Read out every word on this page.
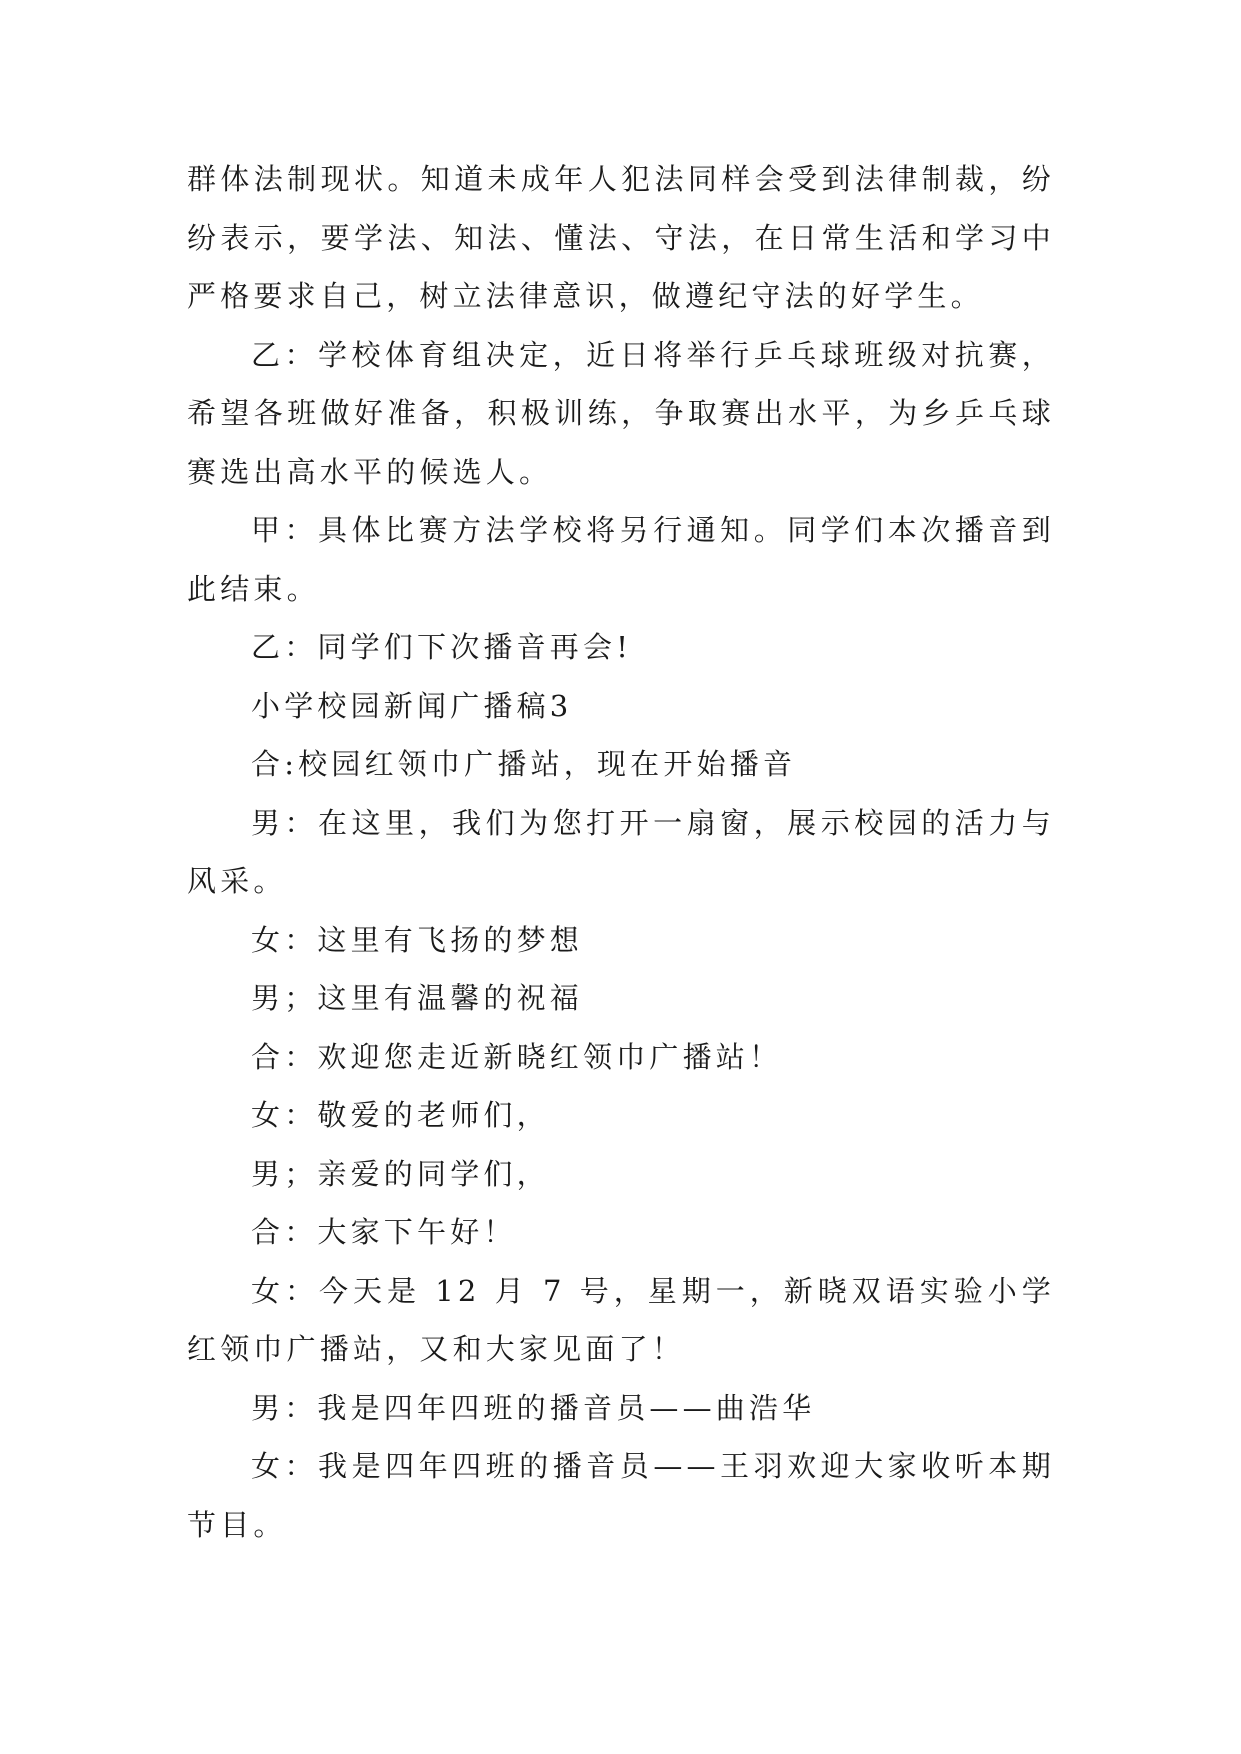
群体法制现状。知道未成年人犯法同样会受到法律制裁，纷纷表示，要学法、知法、懂法、守法，在日常生活和学习中严格要求自己，树立法律意识，做遵纪守法的好学生。

乙：学校体育组决定，近日将举行乒乓球班级对抗赛，希望各班做好准备，积极训练，争取赛出水平，为乡乒乓球赛选出高水平的候选人。

甲：具体比赛方法学校将另行通知。同学们本次播音到此结束。

乙：同学们下次播音再会!

小学校园新闻广播稿3

合:校园红领巾广播站，现在开始播音

男：在这里，我们为您打开一扇窗，展示校园的活力与风采。

女：这里有飞扬的梦想

男；这里有温馨的祝福

合：欢迎您走近新晓红领巾广播站！

女：敬爱的老师们，

男；亲爱的同学们，

合：大家下午好！

女：今天是 12 月 7 号，星期一，新晓双语实验小学红领巾广播站，又和大家见面了！

男：我是四年四班的播音员——曲浩华

女：我是四年四班的播音员——王羽欢迎大家收听本期节目。
